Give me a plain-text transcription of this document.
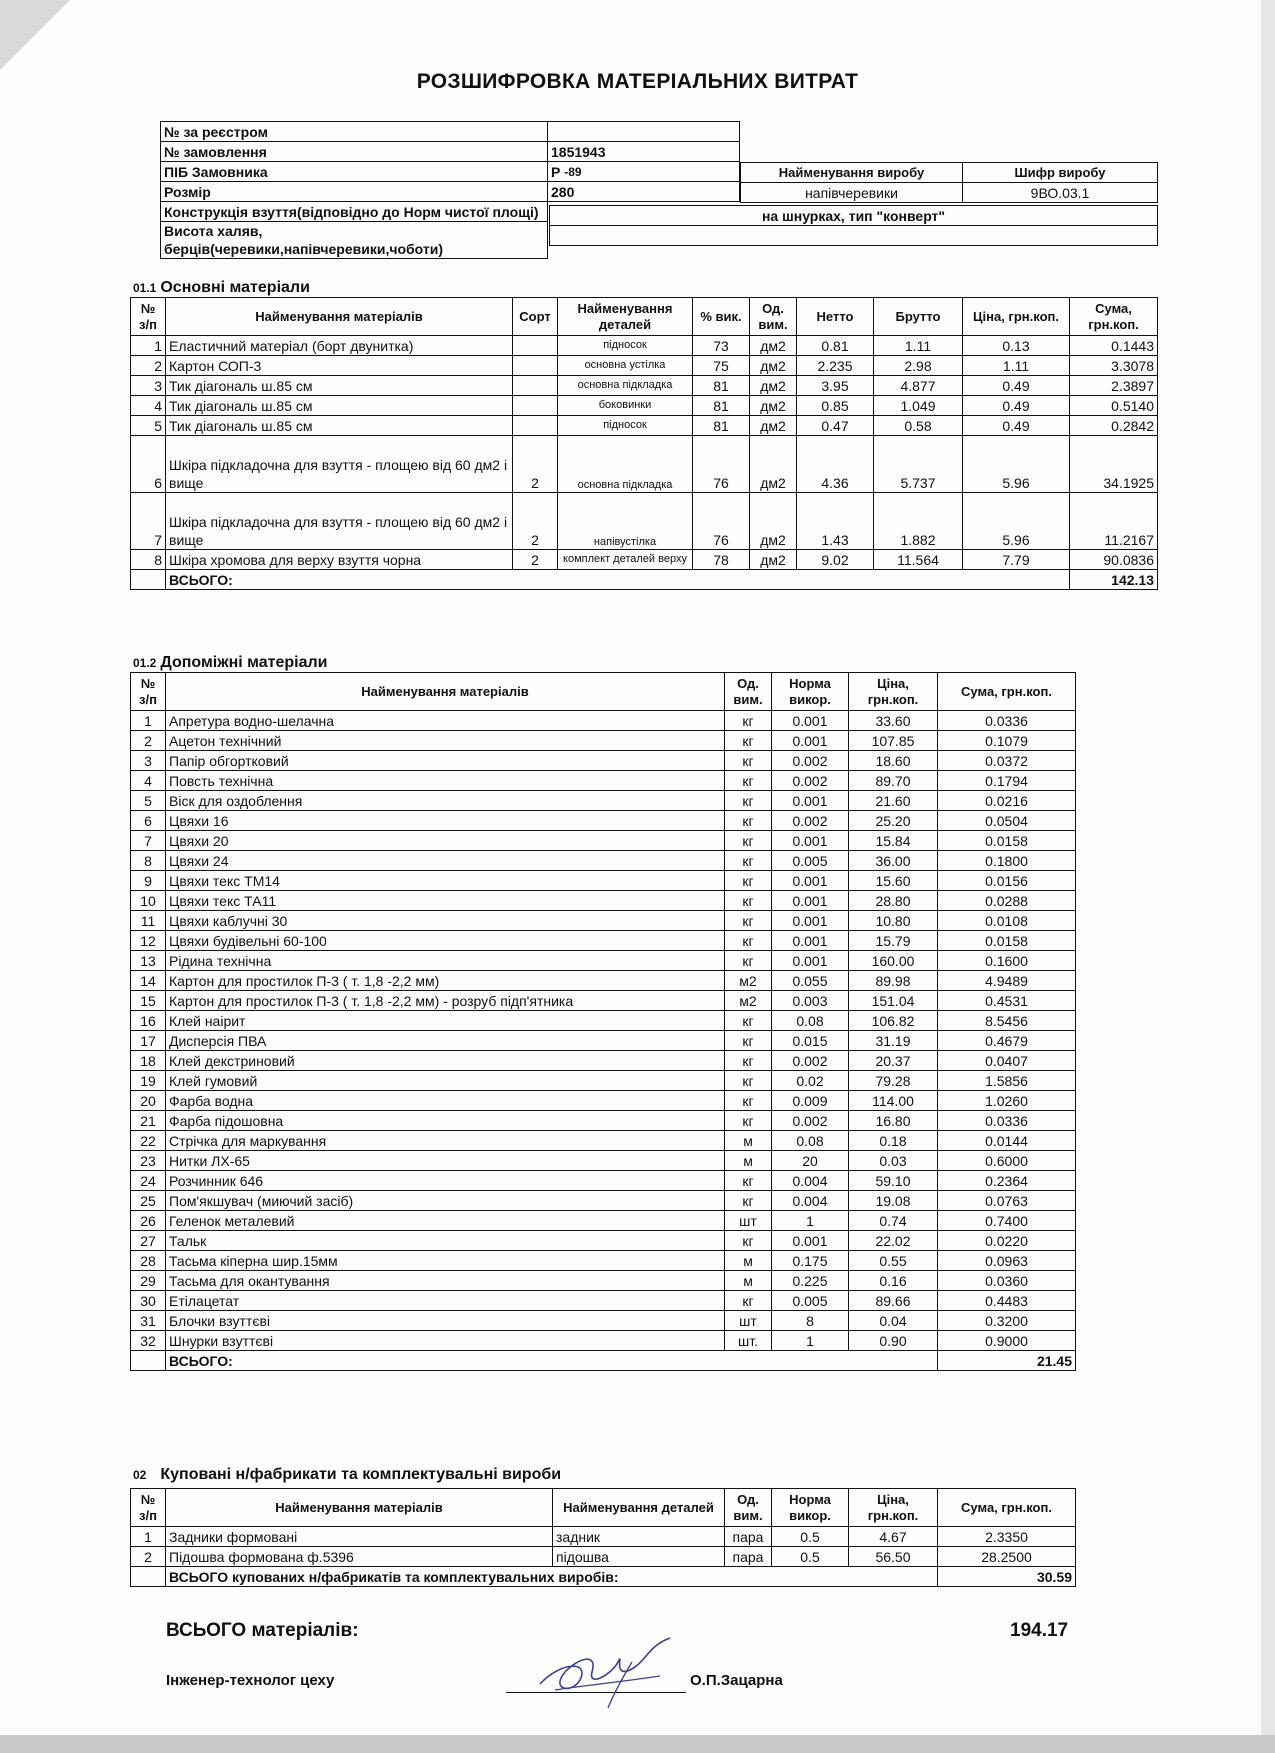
РОЗШИФРОВКА МАТЕРІАЛЬНИХ ВИТРАТ
№ за реєстром	
№ замовлення	1851943
ПІБ Замовника	Р -89
Розмір	280
Конструкція взуття(відповідно до Норм чистої площі)	
Висота халяв, берців(черевики,напівчеревики,чоботи)	
Найменування виробу	Шифр виробу
напівчеревики	9ВО.03.1
на шнурках, тип "конверт"

01.1 Основні матеріали
№ з/п	Найменування матеріалів	Сорт	Найменування деталей	% вик.	Од. вим.	Нетто	Брутто	Ціна, грн.коп.	Сума, грн.коп.
1	Еластичний матеріал (борт двунитка)		підносок	73	дм2	0.81	1.11	0.13	0.1443
2	Картон СОП-3		основна устілка	75	дм2	2.235	2.98	1.11	3.3078
3	Тик діагональ ш.85 см		основна підкладка	81	дм2	3.95	4.877	0.49	2.3897
4	Тик діагональ ш.85 см		боковинки	81	дм2	0.85	1.049	0.49	0.5140
5	Тик діагональ ш.85 см		підносок	81	дм2	0.47	0.58	0.49	0.2842
6	Шкіра підкладочна для взуття - площею від 60 дм2 і вище	2	основна підкладка	76	дм2	4.36	5.737	5.96	34.1925
7	Шкіра підкладочна для взуття - площею від 60 дм2 і вище	2	напівустілка	76	дм2	1.43	1.882	5.96	11.2167
8	Шкіра хромова для верху взуття чорна	2	комплект деталей верху	78	дм2	9.02	11.564	7.79	90.0836
	ВСЬОГО:								142.13
01.2 Допоміжні матеріали
№ з/п	Найменування матеріалів	Од. вим.	Норма викор.	Ціна, грн.коп.	Сума, грн.коп.
1	Апретура водно-шелачна	кг	0.001	33.60	0.0336
2	Ацетон технічний	кг	0.001	107.85	0.1079
3	Папір обгортковий	кг	0.002	18.60	0.0372
4	Повсть технічна	кг	0.002	89.70	0.1794
5	Віск для оздоблення	кг	0.001	21.60	0.0216
6	Цвяхи 16	кг	0.002	25.20	0.0504
7	Цвяхи 20	кг	0.001	15.84	0.0158
8	Цвяхи 24	кг	0.005	36.00	0.1800
9	Цвяхи текс ТМ14	кг	0.001	15.60	0.0156
10	Цвяхи текс ТА11	кг	0.001	28.80	0.0288
11	Цвяхи каблучні 30	кг	0.001	10.80	0.0108
12	Цвяхи будівельні 60-100	кг	0.001	15.79	0.0158
13	Рідина технічна	кг	0.001	160.00	0.1600
14	Картон для простилок П-3 ( т. 1,8 -2,2 мм)	м2	0.055	89.98	4.9489
15	Картон для простилок П-3 ( т. 1,8 -2,2 мм) - розруб підп'ятника	м2	0.003	151.04	0.4531
16	Клей наірит	кг	0.08	106.82	8.5456
17	Дисперсія ПВА	кг	0.015	31.19	0.4679
18	Клей декстриновий	кг	0.002	20.37	0.0407
19	Клей гумовий	кг	0.02	79.28	1.5856
20	Фарба водна	кг	0.009	114.00	1.0260
21	Фарба підошовна	кг	0.002	16.80	0.0336
22	Стрічка для маркування	м	0.08	0.18	0.0144
23	Нитки ЛХ-65	м	20	0.03	0.6000
24	Розчинник 646	кг	0.004	59.10	0.2364
25	Пом'якшувач (миючий засіб)	кг	0.004	19.08	0.0763
26	Геленок металевий	шт	1	0.74	0.7400
27	Тальк	кг	0.001	22.02	0.0220
28	Тасьма кіперна шир.15мм	м	0.175	0.55	0.0963
29	Тасьма для окантування	м	0.225	0.16	0.0360
30	Етілацетат	кг	0.005	89.66	0.4483
31	Блочки взуттєві	шт	8	0.04	0.3200
32	Шнурки взуттєві	шт.	1	0.90	0.9000
	ВСЬОГО:				21.45
02 Куповані н/фабрикати та комплектувальні вироби
№ з/п	Найменування матеріалів	Найменування деталей	Од. вим.	Норма викор.	Ціна, грн.коп.	Сума, грн.коп.
1	Задники формовані	задник	пара	0.5	4.67	2.3350
2	Підошва формована ф.5396	підошва	пара	0.5	56.50	28.2500
	ВСЬОГО купованих н/фабрикатів та комплектувальних виробів:					30.59
ВСЬОГО матеріалів:	194.17
Інженер-технолог цеху	О.П.Зацарна
